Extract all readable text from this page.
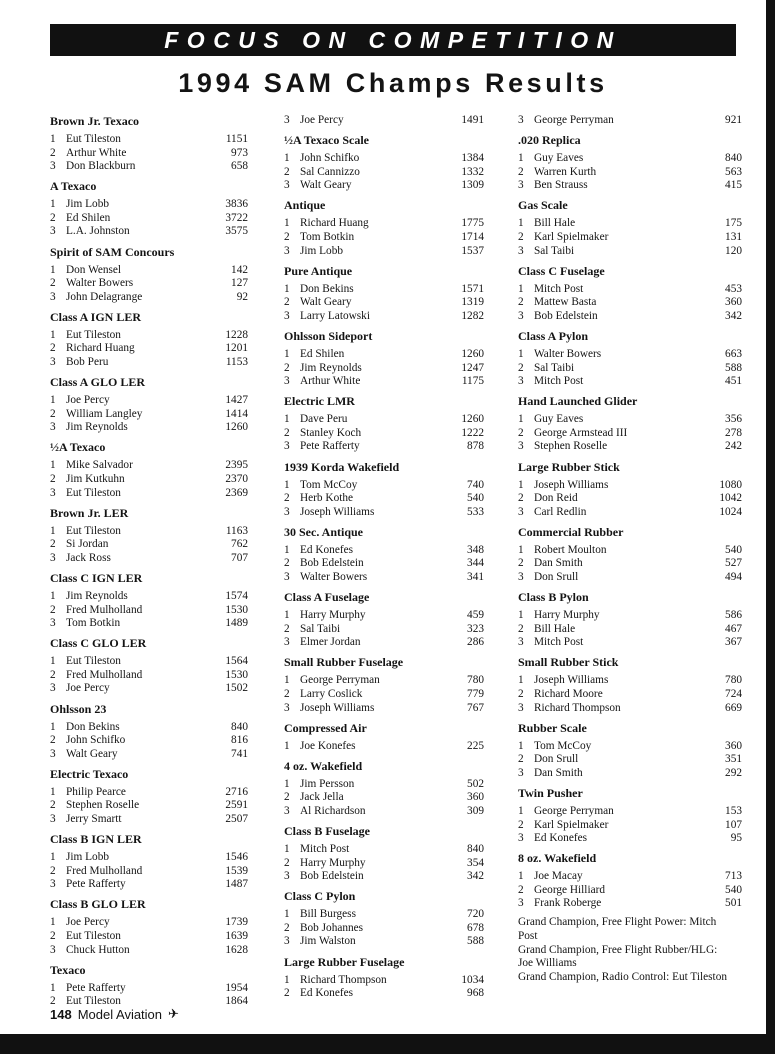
FOCUS ON COMPETITION
1994 SAM Champs Results
Brown Jr. Texaco
1 Eut Tileston	1151
2 Arthur White	973
3 Don Blackburn	658
A Texaco
1 Jim Lobb	3836
2 Ed Shilen	3722
3 L.A. Johnston	3575
Spirit of SAM Concours
1 Don Wensel	142
2 Walter Bowers	127
3 John Delagrange	92
Class A IGN LER
1 Eut Tileston	1228
2 Richard Huang	1201
3 Bob Peru	1153
Class A GLO LER
1 Joe Percy	1427
2 William Langley	1414
3 Jim Reynolds	1260
½A Texaco
1 Mike Salvador	2395
2 Jim Kutkuhn	2370
3 Eut Tileston	2369
Brown Jr. LER
1 Eut Tileston	1163
2 Si Jordan	762
3 Jack Ross	707
Class C IGN LER
1 Jim Reynolds	1574
2 Fred Mulholland	1530
3 Tom Botkin	1489
Class C GLO LER
1 Eut Tileston	1564
2 Fred Mulholland	1530
3 Joe Percy	1502
Ohlsson 23
1 Don Bekins	840
2 John Schifko	816
3 Walt Geary	741
Electric Texaco
1 Philip Pearce	2716
2 Stephen Roselle	2591
3 Jerry Smartt	2507
Class B IGN LER
1 Jim Lobb	1546
2 Fred Mulholland	1539
3 Pete Rafferty	1487
Class B GLO LER
1 Joe Percy	1739
2 Eut Tileston	1639
3 Chuck Hutton	1628
Texaco
1 Pete Rafferty	1954
2 Eut Tileston	1864
3 Joe Percy	1491
½A Texaco Scale
1 John Schifko	1384
2 Sal Cannizzo	1332
3 Walt Geary	1309
Antique
1 Richard Huang	1775
2 Tom Botkin	1714
3 Jim Lobb	1537
Pure Antique
1 Don Bekins	1571
2 Walt Geary	1319
3 Larry Latowski	1282
Ohlsson Sideport
1 Ed Shilen	1260
2 Jim Reynolds	1247
3 Arthur White	1175
Electric LMR
1 Dave Peru	1260
2 Stanley Koch	1222
3 Pete Rafferty	878
1939 Korda Wakefield
1 Tom McCoy	740
2 Herb Kothe	540
3 Joseph Williams	533
30 Sec. Antique
1 Ed Konefes	348
2 Bob Edelstein	344
3 Walter Bowers	341
Class A Fuselage
1 Harry Murphy	459
2 Sal Taibi	323
3 Elmer Jordan	286
Small Rubber Fuselage
1 George Perryman	780
2 Larry Coslick	779
3 Joseph Williams	767
Compressed Air
1 Joe Konefes	225
4 oz. Wakefield
1 Jim Persson	502
2 Jack Jella	360
3 Al Richardson	309
Class B Fuselage
1 Mitch Post	840
2 Harry Murphy	354
3 Bob Edelstein	342
Class C Pylon
1 Bill Burgess	720
2 Bob Johannes	678
3 Jim Walston	588
Large Rubber Fuselage
1 Richard Thompson	1034
2 Ed Konefes	968
3 George Perryman	921
.020 Replica
1 Guy Eaves	840
2 Warren Kurth	563
3 Ben Strauss	415
Gas Scale
1 Bill Hale	175
2 Karl Spielmaker	131
3 Sal Taibi	120
Class C Fuselage
1 Mitch Post	453
2 Mattew Basta	360
3 Bob Edelstein	342
Class A Pylon
1 Walter Bowers	663
2 Sal Taibi	588
3 Mitch Post	451
Hand Launched Glider
1 Guy Eaves	356
2 George Armstead III	278
3 Stephen Roselle	242
Large Rubber Stick
1 Joseph Williams	1080
2 Don Reid	1042
3 Carl Redlin	1024
Commercial Rubber
1 Robert Moulton	540
2 Dan Smith	527
3 Don Srull	494
Class B Pylon
1 Harry Murphy	586
2 Bill Hale	467
3 Mitch Post	367
Small Rubber Stick
1 Joseph Williams	780
2 Richard Moore	724
3 Richard Thompson	669
Rubber Scale
1 Tom McCoy	360
2 Don Srull	351
3 Dan Smith	292
Twin Pusher
1 George Perryman	153
2 Karl Spielmaker	107
3 Ed Konefes	95
8 oz. Wakefield
1 Joe Macay	713
2 George Hilliard	540
3 Frank Roberge	501
Grand Champion, Free Flight Power: Mitch Post
Grand Champion, Free Flight Rubber/HLG: Joe Williams
Grand Champion, Radio Control: Eut Tileston
148 Model Aviation ✈
